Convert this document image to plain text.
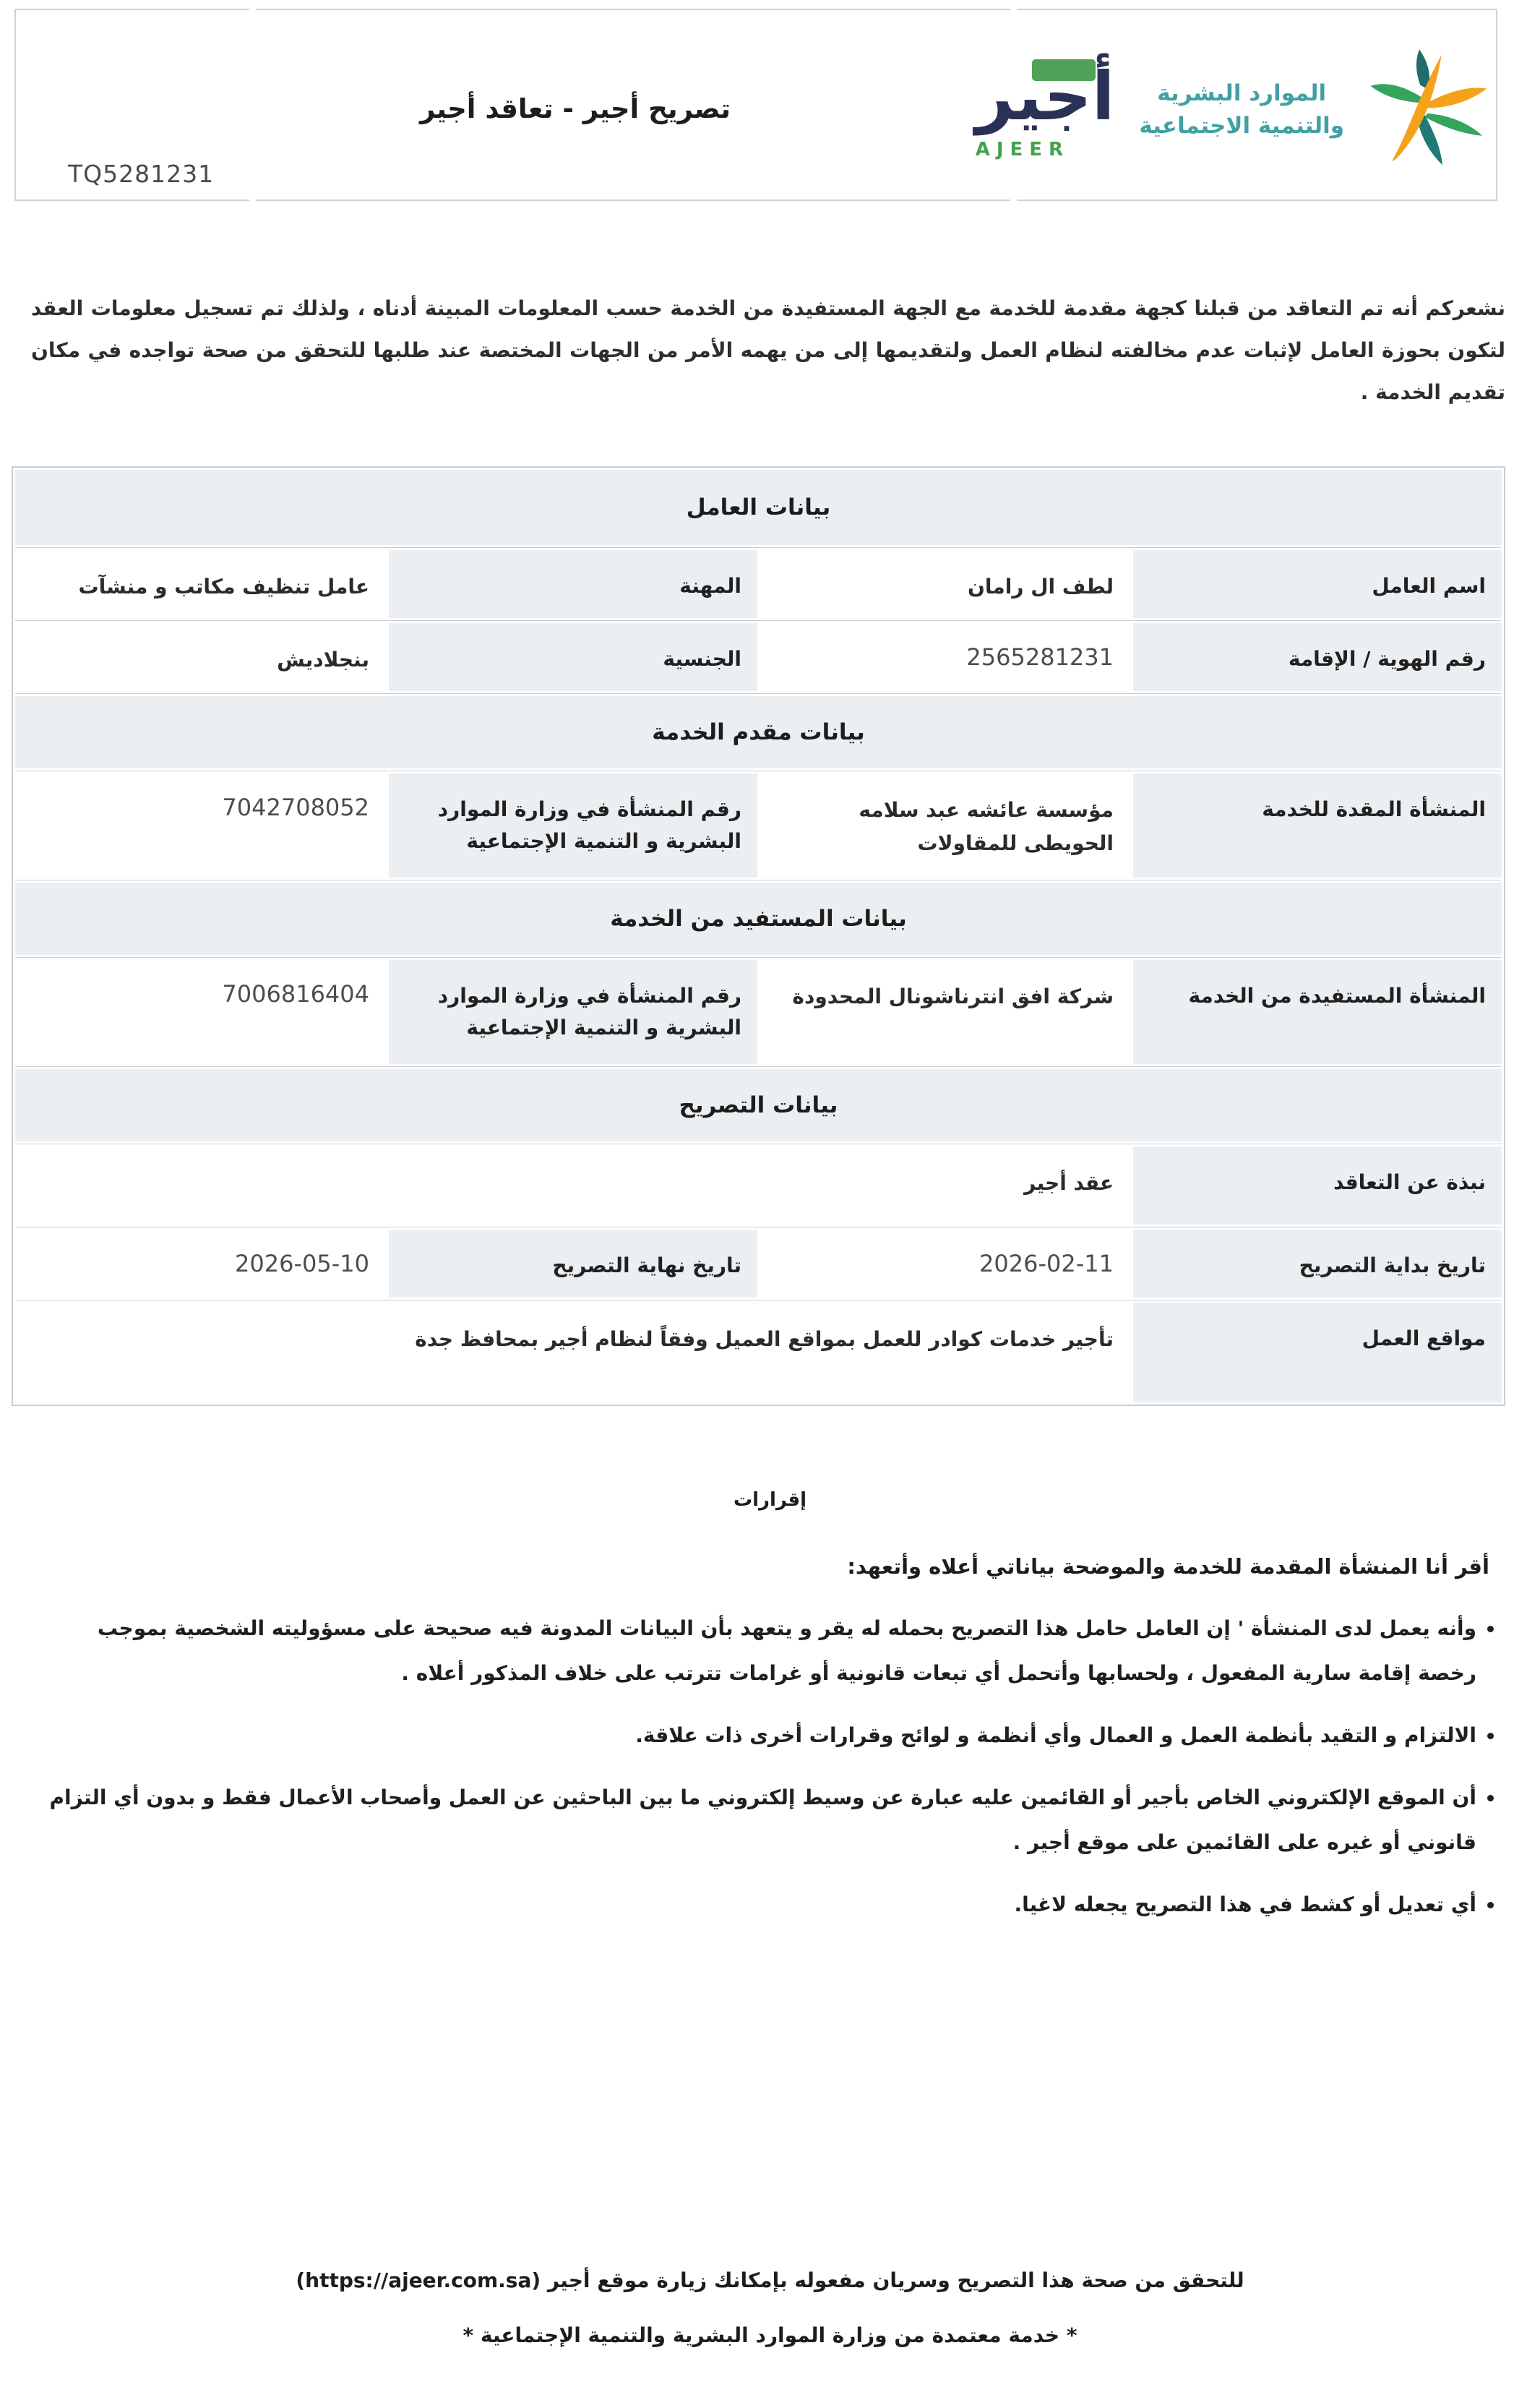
TQ5281231
تصريح أجير - تعاقد أجير	أجير
AJEER
الموارد البشرية
والتنمية الاجتماعية
نشعركم أنه تم التعاقد من قبلنا كجهة مقدمة للخدمة مع الجهة المستفيدة من الخدمة حسب المعلومات المبينة أدناه ، ولذلك تم تسجيل معلومات العقد لتكون بحوزة العامل لإثبات عدم مخالفته لنظام العمل ولتقديمها إلى من يهمه الأمر من الجهات المختصة عند طلبها للتحقق من صحة تواجده في مكان تقديم الخدمة .
بيانات العامل
اسم العامل
لطف ال رامان
المهنة
عامل تنظيف مكاتب و منشآت
رقم الهوية / الإقامة
2565281231
الجنسية
بنجلاديش
بيانات مقدم الخدمة
المنشأة المقدة للخدمة
مؤسسة عائشه عبد سلامه الحويطى للمقاولات
رقم المنشأة في وزارة الموارد البشرية و التنمية الإجتماعية
7042708052
بيانات المستفيد من الخدمة
المنشأة المستفيدة من الخدمة
شركة افق انترناشونال المحدودة
رقم المنشأة في وزارة الموارد البشرية و التنمية الإجتماعية
7006816404
بيانات التصريح
نبذة عن التعاقد
عقد أجير
تاريخ بداية التصريح
2026-02-11
تاريخ نهاية التصريح
2026-05-10
مواقع العمل
تأجير خدمات كوادر للعمل بمواقع العميل وفقاً لنظام أجير بمحافظ جدة
إقرارات
أقر أنا المنشأة المقدمة للخدمة والموضحة بياناتي أعلاه وأتعهد:
• وأنه يعمل لدى المنشأة ' إن العامل حامل هذا التصريح بحمله له يقر و يتعهد بأن البيانات المدونة فيه صحيحة على مسؤوليته الشخصية بموجب رخصة إقامة سارية المفعول ، ولحسابها وأتحمل أي تبعات قانونية أو غرامات تترتب على خلاف المذكور أعلاه .
• الالتزام و التقيد بأنظمة العمل و العمال وأي أنظمة و لوائح وقرارات أخرى ذات علاقة.
• أن الموقع الإلكتروني الخاص بأجير أو القائمين عليه عبارة عن وسيط إلكتروني ما بين الباحثين عن العمل وأصحاب الأعمال فقط و بدون أي التزام قانوني أو غيره على القائمين على موقع أجير .
• أي تعديل أو كشط في هذا التصريح يجعله لاغيا.
للتحقق من صحة هذا التصريح وسريان مفعوله بإمكانك زيارة موقع أجير (https://ajeer.com.sa)
* خدمة معتمدة من وزارة الموارد البشرية والتنمية الإجتماعية *
